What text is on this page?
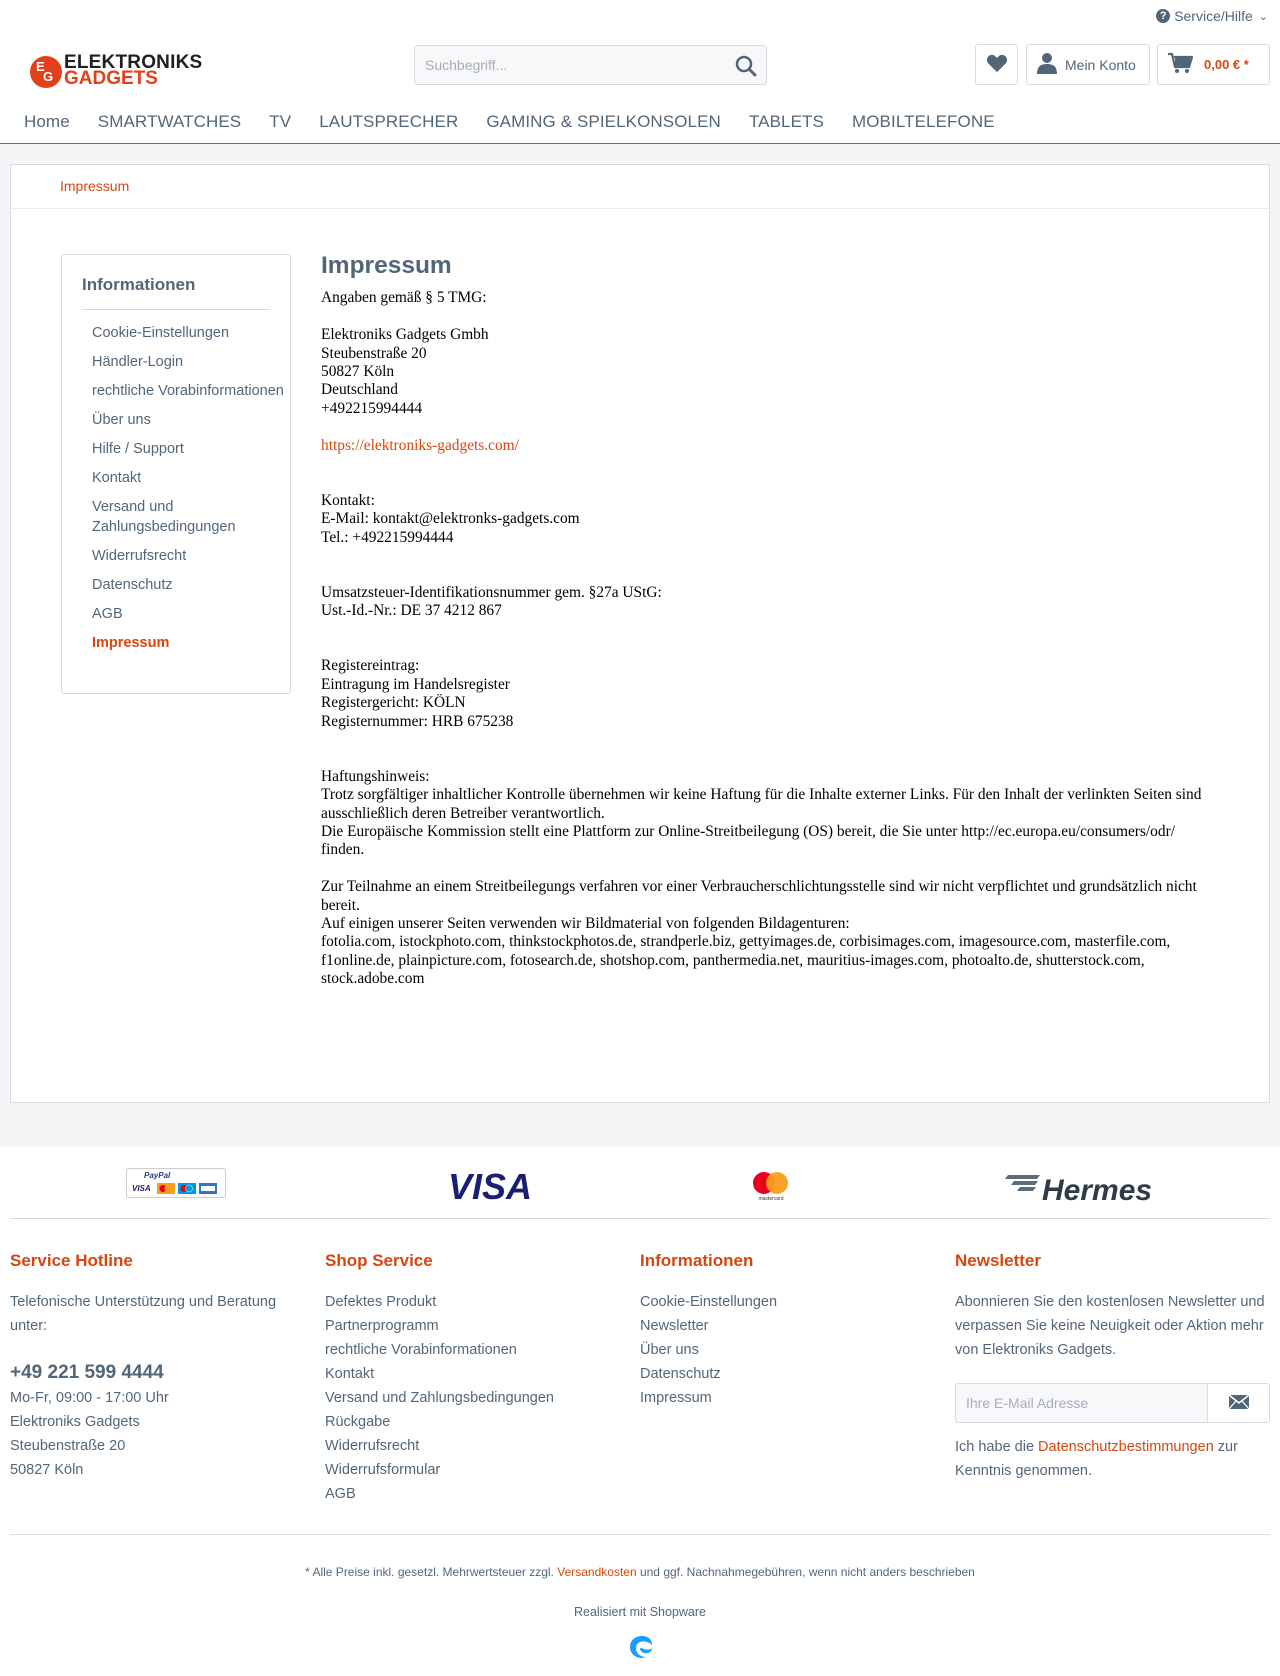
? Service/Hilfe ⌄
E
G
ELEKTRONIKS
GADGETS
Suchbegriff...
Mein Konto	0,00 € *
Home SMARTWATCHES TV LAUTSPRECHER GAMING & SPIELKONSOLEN TABLETS MOBILTELEFONE
Impressum
Informationen
Cookie-Einstellungen
Händler-Login
rechtliche Vorabinformationen
Über uns
Hilfe / Support
Kontakt
Versand und Zahlungsbedingungen
Widerrufsrecht
Datenschutz
AGB
Impressum
Impressum

Angaben gemäß § 5 TMG:

Elektroniks Gadgets Gmbh
Steubenstraße 20
50827 Köln
Deutschland
+492215994444

https://elektroniks-gadgets.com/

Kontakt:
E-Mail: kontakt@elektronks-gadgets.com
Tel.: +492215994444

Umsatzsteuer-Identifikationsnummer gem. §27a UStG:
Ust.-Id.-Nr.: DE 37 4212 867

Registereintrag:
Eintragung im Handelsregister
Registergericht: KÖLN
Registernummer: HRB 675238

Haftungshinweis:
Trotz sorgfältiger inhaltlicher Kontrolle übernehmen wir keine Haftung für die Inhalte externer Links. Für den Inhalt der verlinkten Seiten sind ausschließlich deren Betreiber verantwortlich.
Die Europäische Kommission stellt eine Plattform zur Online-Streitbeilegung (OS) bereit, die Sie unter http://ec.europa.eu/consumers/odr/ finden.

Zur Teilnahme an einem Streitbeilegungs verfahren vor einer Verbraucherschlichtungsstelle sind wir nicht verpflichtet und grundsätzlich nicht bereit.
Auf einigen unserer Seiten verwenden wir Bildmaterial von folgenden Bildagenturen:
fotolia.com, istockphoto.com, thinkstockphotos.de, strandperle.biz, gettyimages.de, corbisimages.com, imagesource.com, masterfile.com, f1online.de, plainpicture.com, fotosearch.de, shotshop.com, panthermedia.net, mauritius-images.com, photoalto.de, shutterstock.com, stock.adobe.com

PayPal
VISA	VISA	mastercard	Hermes
Service Hotline
Telefonische Unterstützung und Beratung unter:
+49 221 599 4444
Mo-Fr, 09:00 - 17:00 Uhr
Elektroniks Gadgets
Steubenstraße 20
50827 Köln
Shop Service
Defektes Produkt
Partnerprogramm
rechtliche Vorabinformationen
Kontakt
Versand und Zahlungsbedingungen
Rückgabe
Widerrufsrecht
Widerrufsformular
AGB
Informationen
Cookie-Einstellungen
Newsletter
Über uns
Datenschutz
Impressum
Newsletter
Abonnieren Sie den kostenlosen Newsletter und verpassen Sie keine Neuigkeit oder Aktion mehr von Elektroniks Gadgets.
Ihre E-Mail Adresse
Ich habe die Datenschutzbestimmungen zur Kenntnis genommen.
* Alle Preise inkl. gesetzl. Mehrwertsteuer zzgl. Versandkosten und ggf. Nachnahmegebühren, wenn nicht anders beschrieben
Realisiert mit Shopware
